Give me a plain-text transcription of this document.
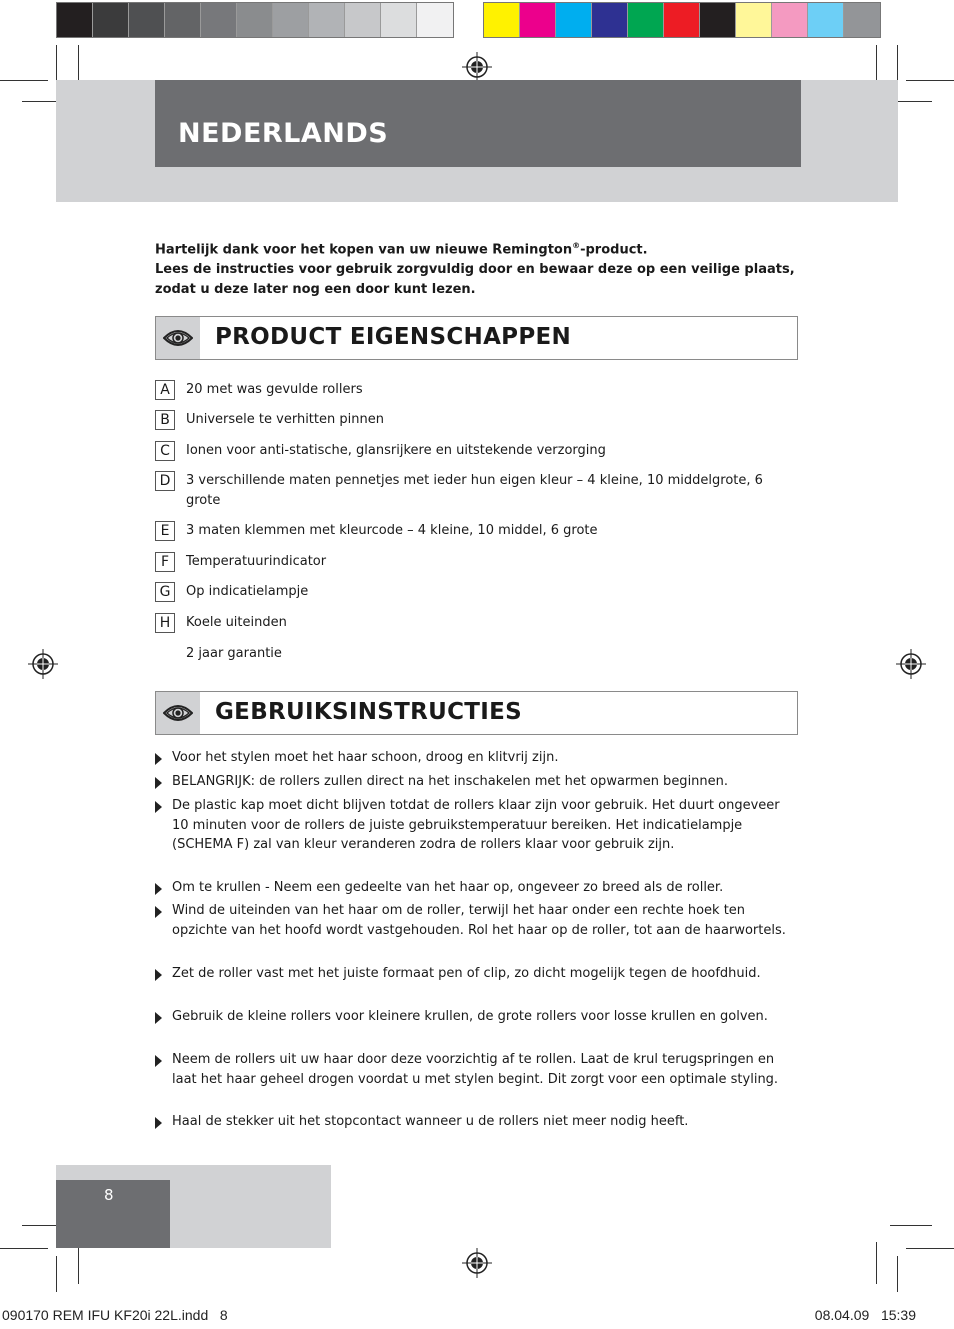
NEDERLANDS

Hartelijk dank voor het kopen van uw nieuwe Remington®-product.

Lees de instructies voor gebruik zorgvuldig door en bewaar deze op een veilige plaats, zodat u deze later nog een door kunt lezen.

PRODUCT EIGENSCHAPPEN
A	20 met was gevulde rollers
B	Universele te verhitten pinnen
C	Ionen voor anti-statische, glansrijkere en uitstekende verzorging
D	3 verschillende maten pennetjes met ieder hun eigen kleur – 4 kleine, 10 middelgrote, 6 grote
E	3 maten klemmen met kleurcode – 4 kleine, 10 middel, 6 grote
F	Temperatuurindicator
G	Op indicatielampje
H	Koele uiteinden
2 jaar garantie
GEBRUIKSINSTRUCTIES
Voor het stylen moet het haar schoon, droog en klitvrij zijn.
BELANGRIJK: de rollers zullen direct na het inschakelen met het opwarmen beginnen.
De plastic kap moet dicht blijven totdat de rollers klaar zijn voor gebruik. Het duurt ongeveer 10 minuten voor de rollers de juiste gebruikstemperatuur bereiken. Het indicatielampje (SCHEMA F) zal van kleur veranderen zodra de rollers klaar voor gebruik zijn.
Om te krullen - Neem een gedeelte van het haar op, ongeveer zo breed als de roller.
Wind de uiteinden van het haar om de roller, terwijl het haar onder een rechte hoek ten opzichte van het hoofd wordt vastgehouden. Rol het haar op de roller, tot aan de haarwortels.
Zet de roller vast met het juiste formaat pen of clip, zo dicht mogelijk tegen de hoofdhuid.
Gebruik de kleine rollers voor kleinere krullen, de grote rollers voor losse krullen en golven.
Neem de rollers uit uw haar door deze voorzichtig af te rollen. Laat de krul terugspringen en laat het haar geheel drogen voordat u met stylen begint. Dit zorgt voor een optimale styling.
Haal de stekker uit het stopcontact wanneer u de rollers niet meer nodig heeft.
8
090170 REM IFU KF20i 22L.indd   8	08.04.09   15:39
